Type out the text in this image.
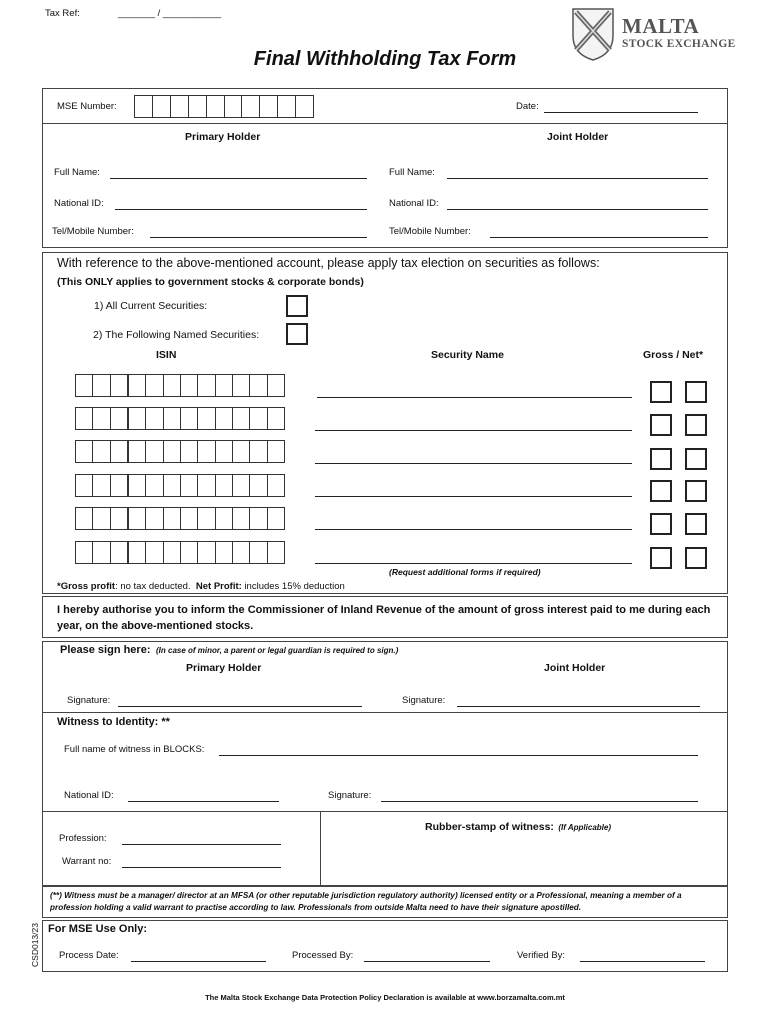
Tax Ref:	_______ / ___________
MALTA
STOCK EXCHANGE
Final Withholding Tax Form
MSE Number:	Date:
Primary Holder	Joint Holder
Full Name:	Full Name:
National ID:	National ID:
Tel/Mobile Number:	Tel/Mobile Number:
With reference to the above-mentioned account, please apply tax election on securities as follows:
(This ONLY applies to government stocks & corporate bonds)
1) All Current Securities:
2) The Following Named Securities:
ISIN	Security Name	Gross / Net*
(Request additional forms if required)
*Gross profit: no tax deducted. Net Profit: includes 15% deduction
I hereby authorise you to inform the Commissioner of Inland Revenue of the amount of gross interest paid to me during each year, on the above-mentioned stocks.
Please sign here: (In case of minor, a parent or legal guardian is required to sign.)
Primary Holder	Joint Holder
Signature:	Signature:
Witness to Identity: **
Full name of witness in BLOCKS:
National ID:	Signature:
Profession:
Warrant no:
Rubber-stamp of witness: (If Applicable)
(**) Witness must be a manager/ director at an MFSA (or other reputable jurisdiction regulatory authority) licensed entity or a Professional, meaning a member of a profession holding a valid warrant to practise according to law. Professionals from outside Malta need to have their signature apostilled.
For MSE Use Only:
Process Date:	Processed By:	Verified By:
CSD013/23
The Malta Stock Exchange Data Protection Policy Declaration is available at www.borzamalta.com.mt
